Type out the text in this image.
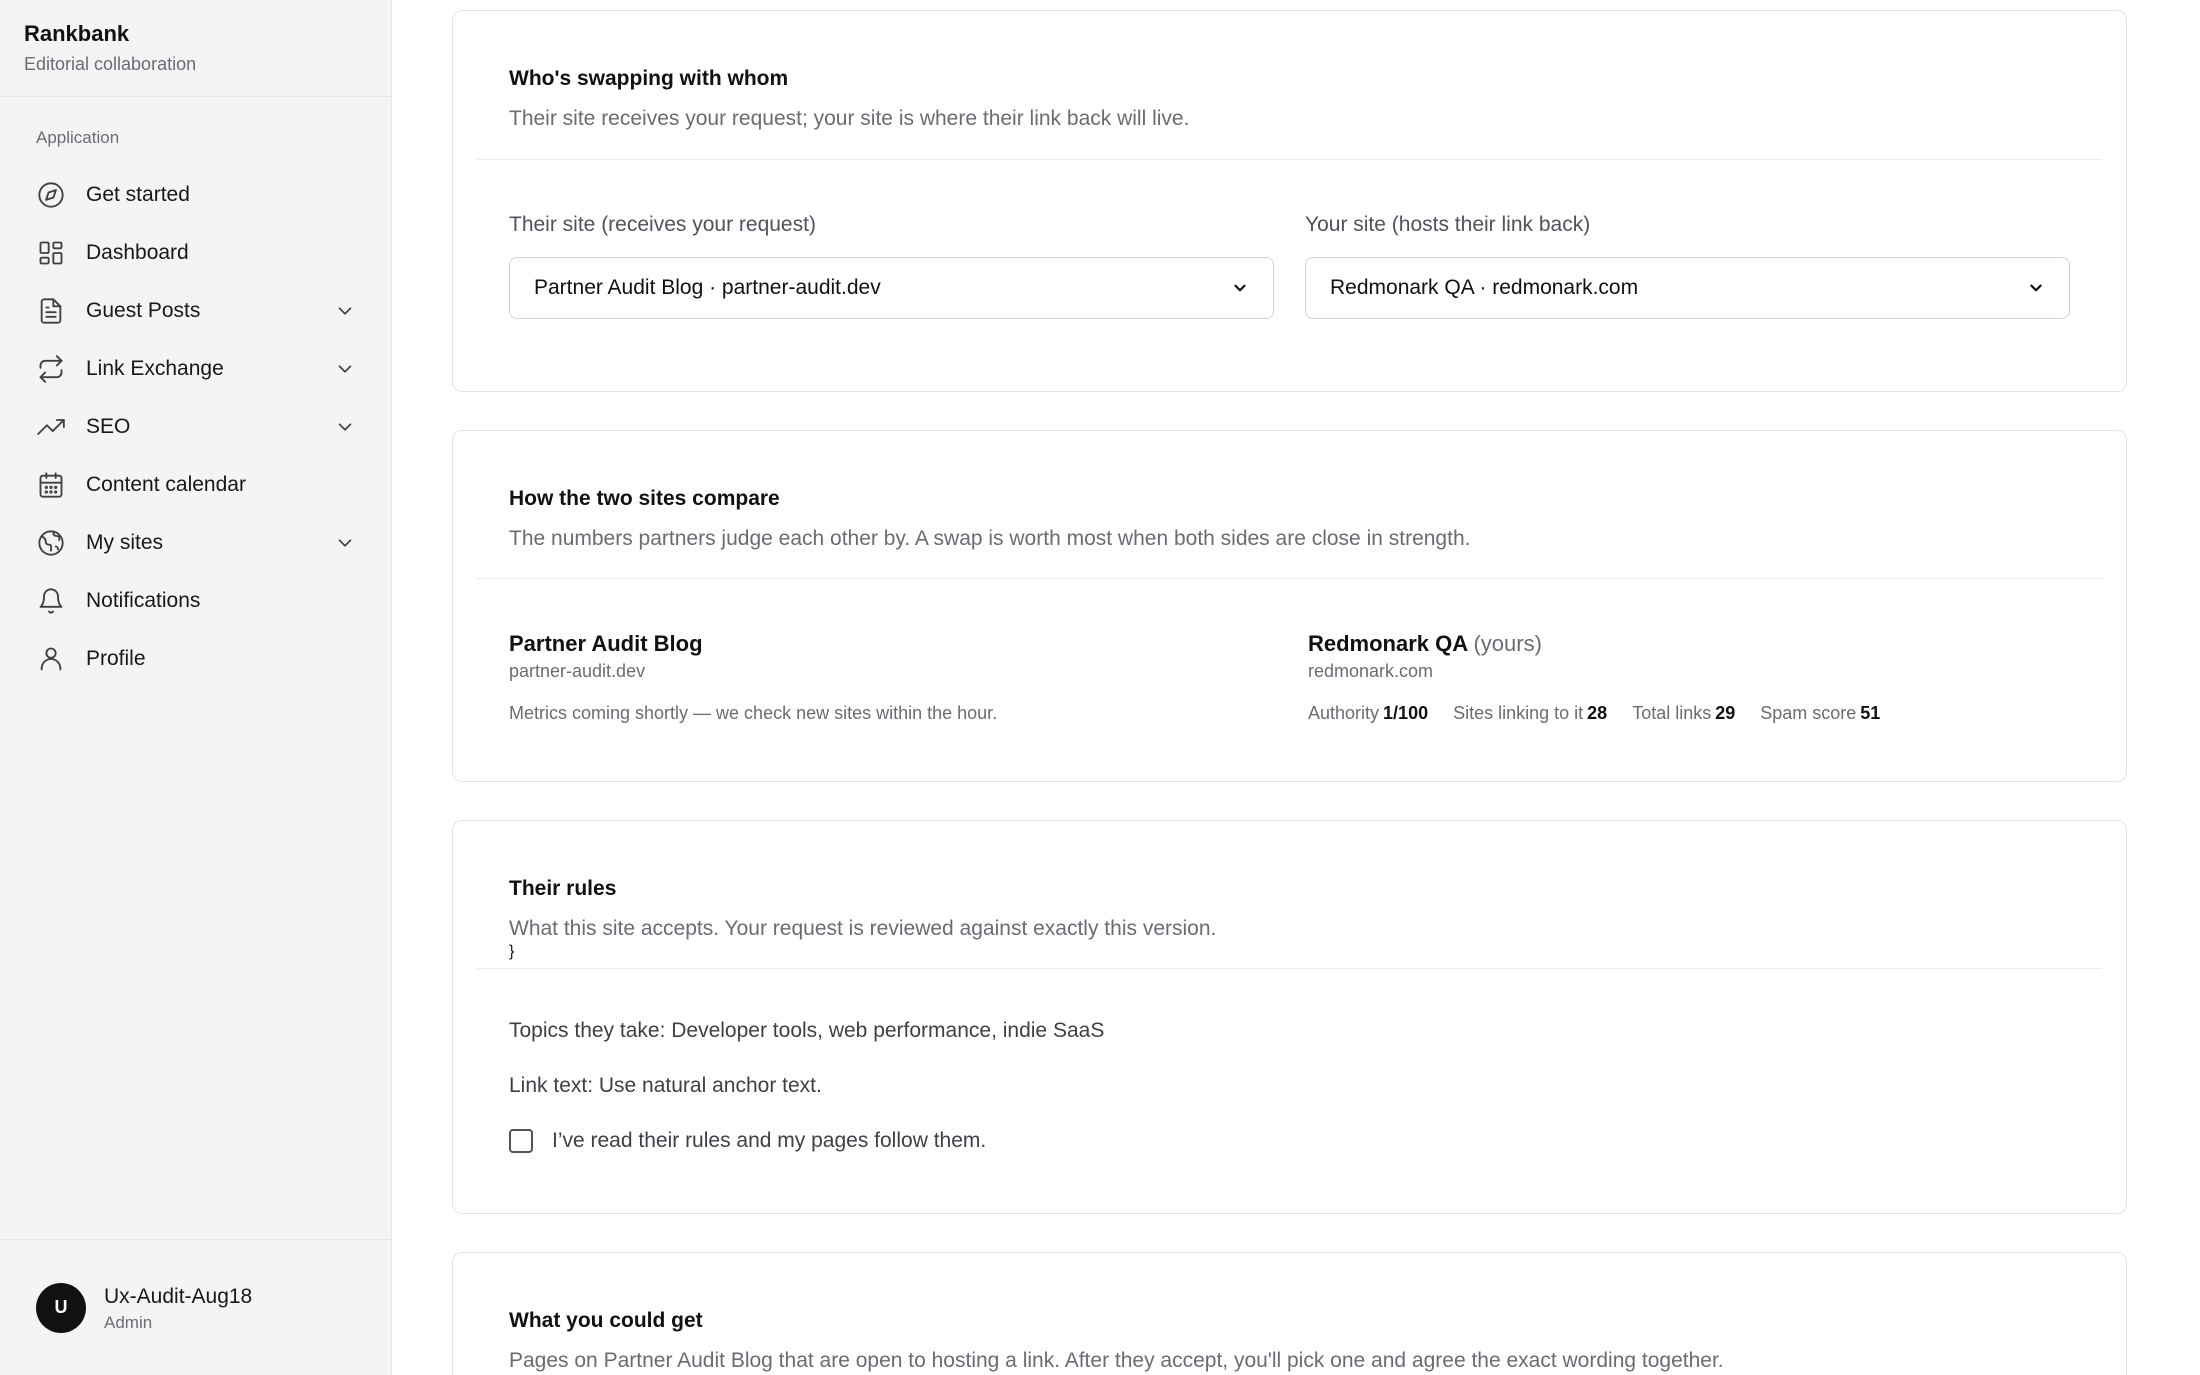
Rankbank
Editorial collaboration
Application
Get started
Dashboard
Guest Posts
Link Exchange
SEO
Content calendar
My sites
Notifications
Profile
U	Ux-Audit-Aug18
Admin
Who's swapping with whom
Their site receives your request; your site is where their link back will live.
Their site (receives your request)
Partner Audit Blog · partner-audit.dev
Your site (hosts their link back)
Redmonark QA · redmonark.com
How the two sites compare
The numbers partners judge each other by. A swap is worth most when both sides are close in strength.
Partner Audit Blog
partner-audit.dev
Metrics coming shortly — we check new sites within the hour.
Redmonark QA (yours)
redmonark.com
Authority 1/100 Sites linking to it 28 Total links 29 Spam score 51
Their rules
What this site accepts. Your request is reviewed against exactly this version.
}
Topics they take: Developer tools, web performance, indie SaaS
Link text: Use natural anchor text.
I’ve read their rules and my pages follow them.
What you could get
Pages on Partner Audit Blog that are open to hosting a link. After they accept, you'll pick one and agree the exact wording together.
